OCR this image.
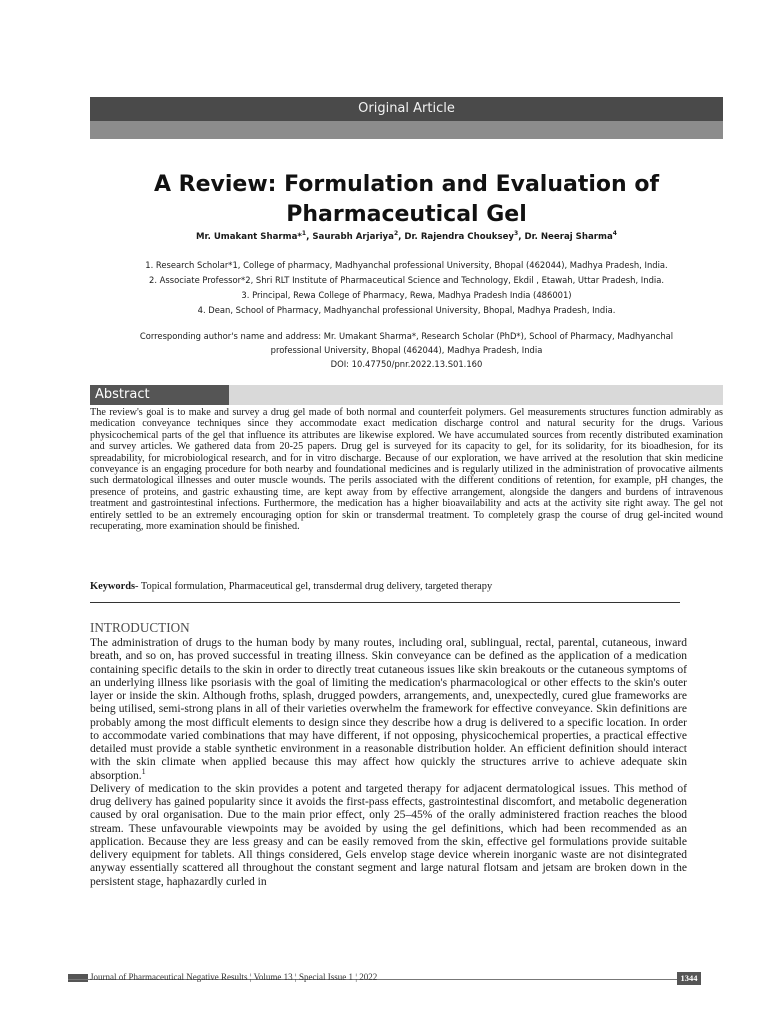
Original Article
A Review: Formulation and Evaluation of Pharmaceutical Gel
Mr. Umakant Sharma*$^1$, Saurabh Arjariya$^2$, Dr. Rajendra Chouksey$^3$, Dr. Neeraj Sharma$^4$
1. Research Scholar*1, College of pharmacy, Madhyanchal professional University, Bhopal (462044), Madhya Pradesh, India.
2. Associate Professor*2, Shri RLT Institute of Pharmaceutical Science and Technology, Ekdil , Etawah, Uttar Pradesh, India.
3. Principal, Rewa College of Pharmacy, Rewa, Madhya Pradesh India (486001)
4. Dean, School of Pharmacy, Madhyanchal professional University, Bhopal, Madhya Pradesh, India.
Corresponding author's name and address: Mr. Umakant Sharma*, Research Scholar (PhD*), School of Pharmacy, Madhyanchal
professional University, Bhopal (462044), Madhya Pradesh, India
DOI: 10.47750/pnr.2022.13.S01.160
Abstract
The review's goal is to make and survey a drug gel made of both normal and counterfeit polymers. Gel measurements structures function admirably as medication conveyance techniques since they accommodate exact medication discharge control and natural security for the drugs. Various physicochemical parts of the gel that influence its attributes are likewise explored. We have accumulated sources from recently distributed examination and survey articles. We gathered data from 20-25 papers. Drug gel is surveyed for its capacity to gel, for its solidarity, for its bioadhesion, for its spreadability, for microbiological research, and for in vitro discharge. Because of our exploration, we have arrived at the resolution that skin medicine conveyance is an engaging procedure for both nearby and foundational medicines and is regularly utilized in the administration of provocative ailments such dermatological illnesses and outer muscle wounds. The perils associated with the different conditions of retention, for example, pH changes, the presence of proteins, and gastric exhausting time, are kept away from by effective arrangement, alongside the dangers and burdens of intravenous treatment and gastrointestinal infections. Furthermore, the medication has a higher bioavailability and acts at the activity site right away. The gel not entirely settled to be an extremely encouraging option for skin or transdermal treatment. To completely grasp the course of drug gel-incited wound recuperating, more examination should be finished.
Keywords- Topical formulation, Pharmaceutical gel, transdermal drug delivery, targeted therapy
INTRODUCTION

The administration of drugs to the human body by many routes, including oral, sublingual, rectal, parental, cutaneous, inward breath, and so on, has proved successful in treating illness. Skin conveyance can be defined as the application of a medication containing specific details to the skin in order to directly treat cutaneous issues like skin breakouts or the cutaneous symptoms of an underlying illness like psoriasis with the goal of limiting the medication's pharmacological or other effects to the skin's outer layer or inside the skin. Although froths, splash, drugged powders, arrangements, and, unexpectedly, cured glue frameworks are being utilised, semi-strong plans in all of their varieties overwhelm the framework for effective conveyance. Skin definitions are probably among the most difficult elements to design since they describe how a drug is delivered to a specific location. In order to accommodate varied combinations that may have different, if not opposing, physicochemical properties, a practical effective detailed must provide a stable synthetic environment in a reasonable distribution holder. An efficient definition should interact with the skin climate when applied because this may affect how quickly the structures arrive to achieve adequate skin absorption.$^1$

Delivery of medication to the skin provides a potent and targeted therapy for adjacent dermatological issues. This method of drug delivery has gained popularity since it avoids the first-pass effects, gastrointestinal discomfort, and metabolic degeneration caused by oral organisation. Due to the main prior effect, only 25–45% of the orally administered fraction reaches the blood stream. These unfavourable viewpoints may be avoided by using the gel definitions, which had been recommended as an application. Because they are less greasy and can be easily removed from the skin, effective gel formulations provide suitable delivery equipment for tablets. All things considered, Gels envelop stage device wherein inorganic waste are not disintegrated anyway essentially scattered all throughout the constant segment and large natural flotsam and jetsam are broken down in the persistent stage, haphazardly curled in

Journal of Pharmaceutical Negative Results ¦ Volume 13 ¦ Special Issue 1 ¦ 2022	1344
